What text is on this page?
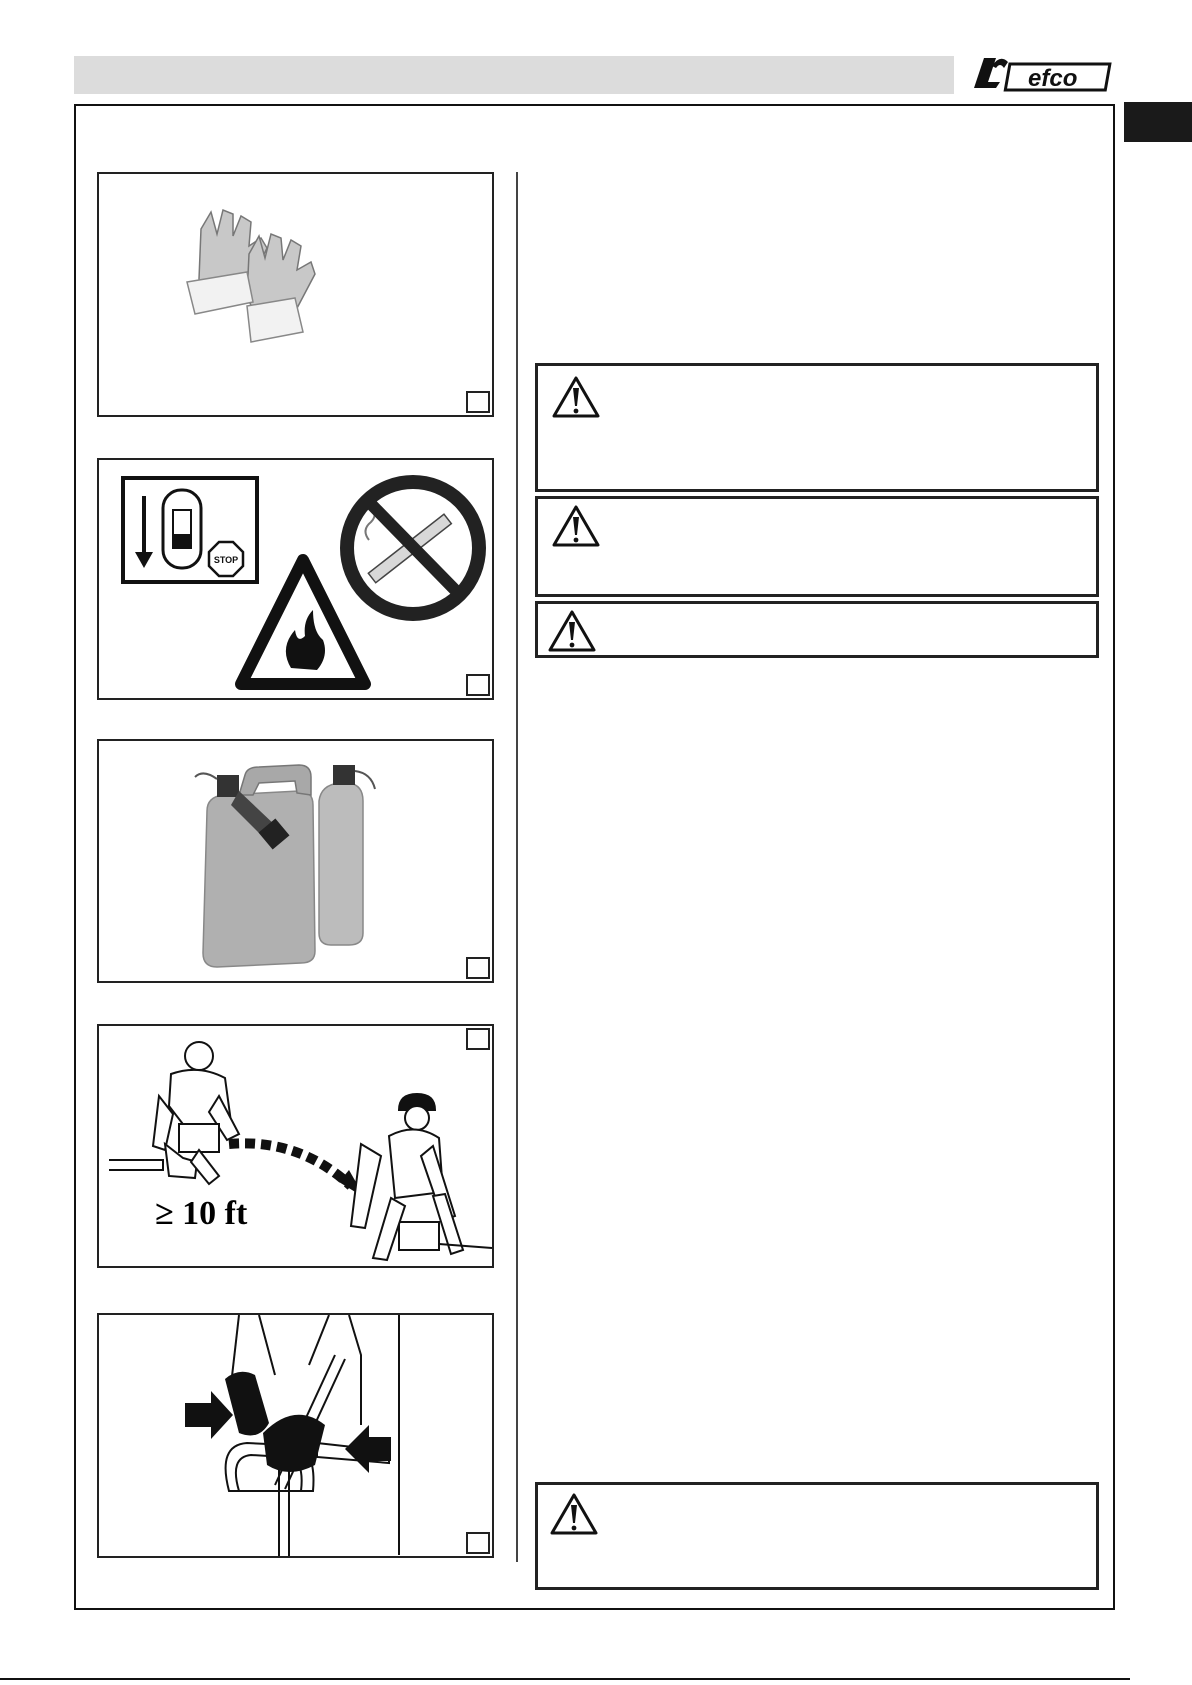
efco
STOP
≥ 10 ft
